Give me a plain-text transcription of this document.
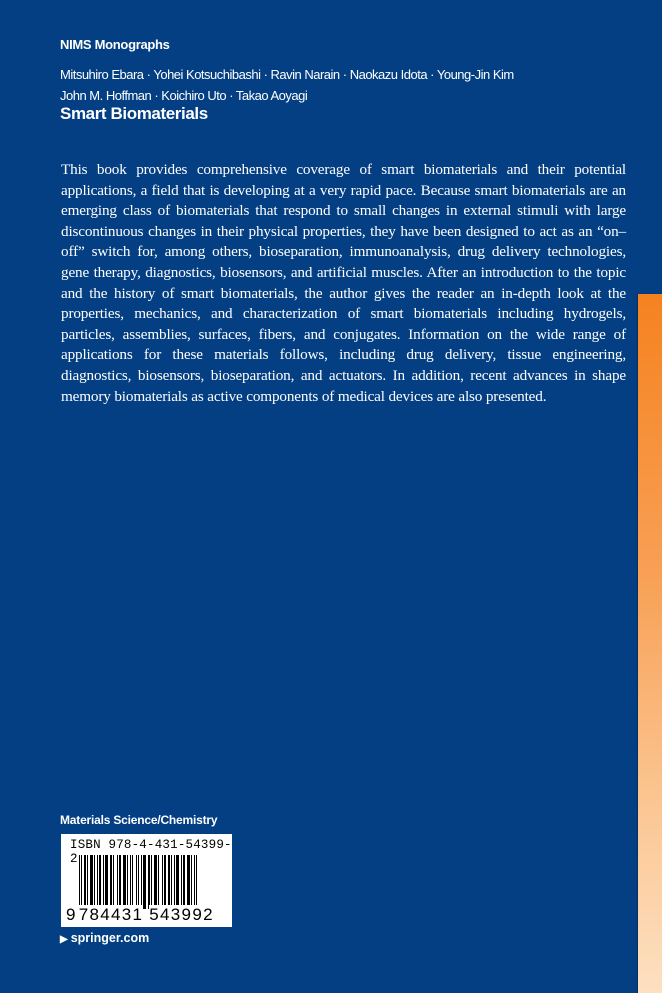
NIMS Monographs
Mitsuhiro Ebara · Yohei Kotsuchibashi · Ravin Narain · Naokazu Idota · Young-Jin Kim
John M. Hoffman · Koichiro Uto · Takao Aoyagi
Smart Biomaterials
This book provides comprehensive coverage of smart biomaterials and their potential applications, a field that is developing at a very rapid pace. Because smart biomaterials are an emerging class of biomaterials that respond to small changes in external stimuli with large discontinuous changes in their physical properties, they have been designed to act as an “on–off” switch for, among others, bioseparation, immunoanalysis, drug delivery technologies, gene therapy, diagnostics, biosensors, and artificial muscles. After an introduction to the topic and the history of smart biomaterials, the author gives the reader an in-depth look at the properties, mechanics, and characterization of smart biomaterials including hydrogels, particles, assemblies, surfaces, fibers, and conjugates. Information on the wide range of applications for these materials follows, including drug delivery, tissue engineering, diagnostics, biosensors, bioseparation, and actuators. In addition, recent advances in shape memory biomaterials as active components of medical devices are also presented.
Materials Science/Chemistry
ISBN 978-4-431-54399-2
9 784431 543992
▶ springer.com
